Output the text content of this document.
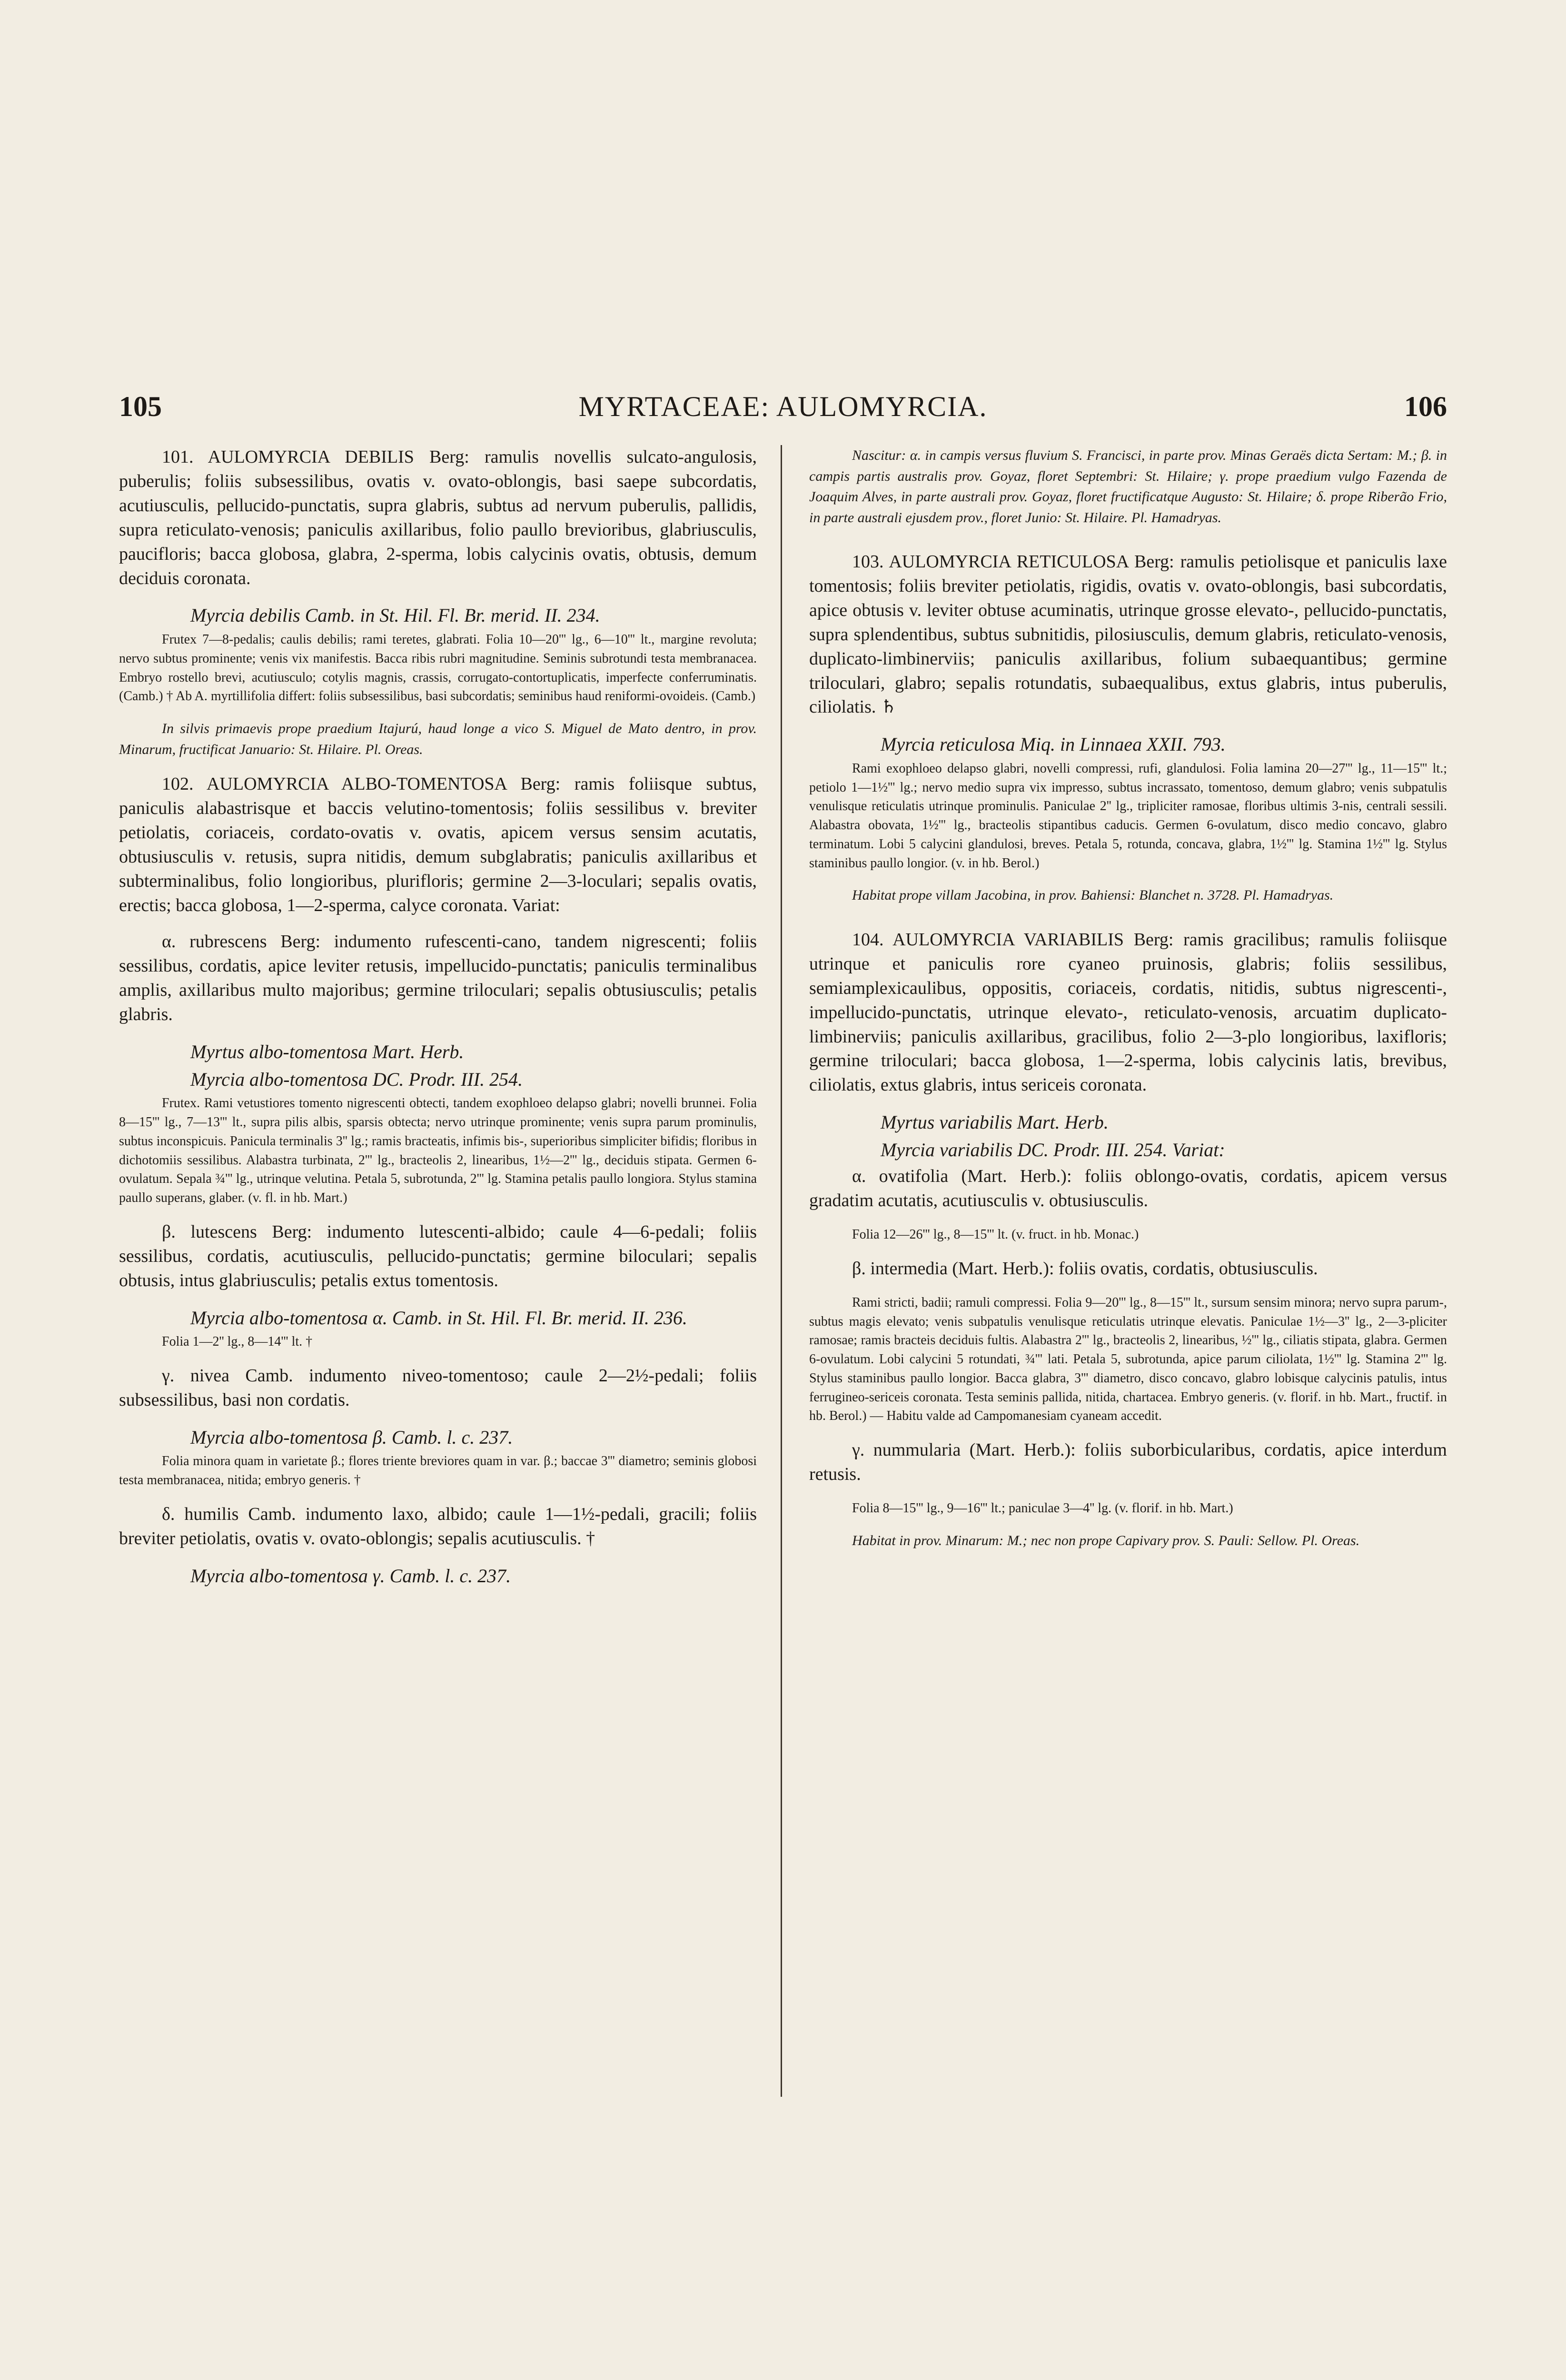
105	MYRTACEAE: AULOMYRCIA.	106

101. AULOMYRCIA DEBILIS Berg: ramulis novellis sulcato-angulosis, puberulis; foliis subsessilibus, ovatis v. ovato-oblongis, basi saepe subcordatis, acutiusculis, pellucido-punctatis, supra glabris, subtus ad nervum puberulis, pallidis, supra reticulato-venosis; paniculis axillaribus, folio paullo brevioribus, glabriusculis, paucifloris; bacca globosa, glabra, 2-sperma, lobis calycinis ovatis, obtusis, demum deciduis coronata.

Myrcia debilis Camb. in St. Hil. Fl. Br. merid. II. 234.

Frutex 7—8-pedalis; caulis debilis; rami teretes, glabrati. Folia 10—20''' lg., 6—10''' lt., margine revoluta; nervo subtus prominente; venis vix manifestis. Bacca ribis rubri magnitudine. Seminis subrotundi testa membranacea. Embryo rostello brevi, acutiusculo; cotylis magnis, crassis, corrugato-contortuplicatis, imperfecte conferruminatis. (Camb.) † Ab A. myrtillifolia differt: foliis subsessilibus, basi subcordatis; seminibus haud reniformi-ovoideis. (Camb.)

In silvis primaevis prope praedium Itajurú, haud longe a vico S. Miguel de Mato dentro, in prov. Minarum, fructificat Januario: St. Hilaire. Pl. Oreas.

102. AULOMYRCIA ALBO-TOMENTOSA Berg: ramis foliisque subtus, paniculis alabastrisque et baccis velutino-tomentosis; foliis sessilibus v. breviter petiolatis, coriaceis, cordato-ovatis v. ovatis, apicem versus sensim acutatis, obtusiusculis v. retusis, supra nitidis, demum subglabratis; paniculis axillaribus et subterminalibus, folio longioribus, plurifloris; germine 2—3-loculari; sepalis ovatis, erectis; bacca globosa, 1—2-sperma, calyce coronata. Variat:

α. rubrescens Berg: indumento rufescenti-cano, tandem nigrescenti; foliis sessilibus, cordatis, apice leviter retusis, impellucido-punctatis; paniculis terminalibus amplis, axillaribus multo majoribus; germine triloculari; sepalis obtusiusculis; petalis glabris.

Myrtus albo-tomentosa Mart. Herb.

Myrcia albo-tomentosa DC. Prodr. III. 254.

Frutex. Rami vetustiores tomento nigrescenti obtecti, tandem exophloeo delapso glabri; novelli brunnei. Folia 8—15''' lg., 7—13''' lt., supra pilis albis, sparsis obtecta; nervo utrinque prominente; venis supra parum prominulis, subtus inconspicuis. Panicula terminalis 3'' lg.; ramis bracteatis, infimis bis-, superioribus simpliciter bifidis; floribus in dichotomiis sessilibus. Alabastra turbinata, 2''' lg., bracteolis 2, linearibus, 1½—2''' lg., deciduis stipata. Germen 6-ovulatum. Sepala ¾''' lg., utrinque velutina. Petala 5, subrotunda, 2''' lg. Stamina petalis paullo longiora. Stylus stamina paullo superans, glaber. (v. fl. in hb. Mart.)

β. lutescens Berg: indumento lutescenti-albido; caule 4—6-pedali; foliis sessilibus, cordatis, acutiusculis, pellucido-punctatis; germine biloculari; sepalis obtusis, intus glabriusculis; petalis extus tomentosis.

Myrcia albo-tomentosa α. Camb. in St. Hil. Fl. Br. merid. II. 236.

Folia 1—2'' lg., 8—14''' lt. †

γ. nivea Camb. indumento niveo-tomentoso; caule 2—2½-pedali; foliis subsessilibus, basi non cordatis.

Myrcia albo-tomentosa β. Camb. l. c. 237.

Folia minora quam in varietate β.; flores triente breviores quam in var. β.; baccae 3''' diametro; seminis globosi testa membranacea, nitida; embryo generis. †

δ. humilis Camb. indumento laxo, albido; caule 1—1½-pedali, gracili; foliis breviter petiolatis, ovatis v. ovato-oblongis; sepalis acutiusculis. †

Myrcia albo-tomentosa γ. Camb. l. c. 237.

Nascitur: α. in campis versus fluvium S. Francisci, in parte prov. Minas Geraës dicta Sertam: M.; β. in campis partis australis prov. Goyaz, floret Septembri: St. Hilaire; γ. prope praedium vulgo Fazenda de Joaquim Alves, in parte australi prov. Goyaz, floret fructificatque Augusto: St. Hilaire; δ. prope Riberão Frio, in parte australi ejusdem prov., floret Junio: St. Hilaire. Pl. Hamadryas.

103. AULOMYRCIA RETICULOSA Berg: ramulis petiolisque et paniculis laxe tomentosis; foliis breviter petiolatis, rigidis, ovatis v. ovato-oblongis, basi subcordatis, apice obtusis v. leviter obtuse acuminatis, utrinque grosse elevato-, pellucido-punctatis, supra splendentibus, subtus subnitidis, pilosiusculis, demum glabris, reticulato-venosis, duplicato-limbinerviis; paniculis axillaribus, folium subaequantibus; germine triloculari, glabro; sepalis rotundatis, subaequalibus, extus glabris, intus puberulis, ciliolatis. ♄

Myrcia reticulosa Miq. in Linnaea XXII. 793.

Rami exophloeo delapso glabri, novelli compressi, rufi, glandulosi. Folia lamina 20—27''' lg., 11—15''' lt.; petiolo 1—1½''' lg.; nervo medio supra vix impresso, subtus incrassato, tomentoso, demum glabro; venis subpatulis venulisque reticulatis utrinque prominulis. Paniculae 2'' lg., tripliciter ramosae, floribus ultimis 3-nis, centrali sessili. Alabastra obovata, 1½''' lg., bracteolis stipantibus caducis. Germen 6-ovulatum, disco medio concavo, glabro terminatum. Lobi 5 calycini glandulosi, breves. Petala 5, rotunda, concava, glabra, 1½''' lg. Stamina 1½''' lg. Stylus staminibus paullo longior. (v. in hb. Berol.)

Habitat prope villam Jacobina, in prov. Bahiensi: Blanchet n. 3728. Pl. Hamadryas.

104. AULOMYRCIA VARIABILIS Berg: ramis gracilibus; ramulis foliisque utrinque et paniculis rore cyaneo pruinosis, glabris; foliis sessilibus, semiamplexicaulibus, oppositis, coriaceis, cordatis, nitidis, subtus nigrescenti-, impellucido-punctatis, utrinque elevato-, reticulato-venosis, arcuatim duplicato-limbinerviis; paniculis axillaribus, gracilibus, folio 2—3-plo longioribus, laxifloris; germine triloculari; bacca globosa, 1—2-sperma, lobis calycinis latis, brevibus, ciliolatis, extus glabris, intus sericeis coronata.

Myrtus variabilis Mart. Herb.

Myrcia variabilis DC. Prodr. III. 254. Variat:

α. ovatifolia (Mart. Herb.): foliis oblongo-ovatis, cordatis, apicem versus gradatim acutatis, acutiusculis v. obtusiusculis.

Folia 12—26''' lg., 8—15''' lt. (v. fruct. in hb. Monac.)

β. intermedia (Mart. Herb.): foliis ovatis, cordatis, obtusiusculis.

Rami stricti, badii; ramuli compressi. Folia 9—20''' lg., 8—15''' lt., sursum sensim minora; nervo supra parum-, subtus magis elevato; venis subpatulis venulisque reticulatis utrinque elevatis. Paniculae 1½—3'' lg., 2—3-pliciter ramosae; ramis bracteis deciduis fultis. Alabastra 2''' lg., bracteolis 2, linearibus, ½''' lg., ciliatis stipata, glabra. Germen 6-ovulatum. Lobi calycini 5 rotundati, ¾''' lati. Petala 5, subrotunda, apice parum ciliolata, 1½''' lg. Stamina 2''' lg. Stylus staminibus paullo longior. Bacca glabra, 3''' diametro, disco concavo, glabro lobisque calycinis patulis, intus ferrugineo-sericeis coronata. Testa seminis pallida, nitida, chartacea. Embryo generis. (v. florif. in hb. Mart., fructif. in hb. Berol.) — Habitu valde ad Campomanesiam cyaneam accedit.

γ. nummularia (Mart. Herb.): foliis suborbicularibus, cordatis, apice interdum retusis.

Folia 8—15''' lg., 9—16''' lt.; paniculae 3—4'' lg. (v. florif. in hb. Mart.)

Habitat in prov. Minarum: M.; nec non prope Capivary prov. S. Pauli: Sellow. Pl. Oreas.
